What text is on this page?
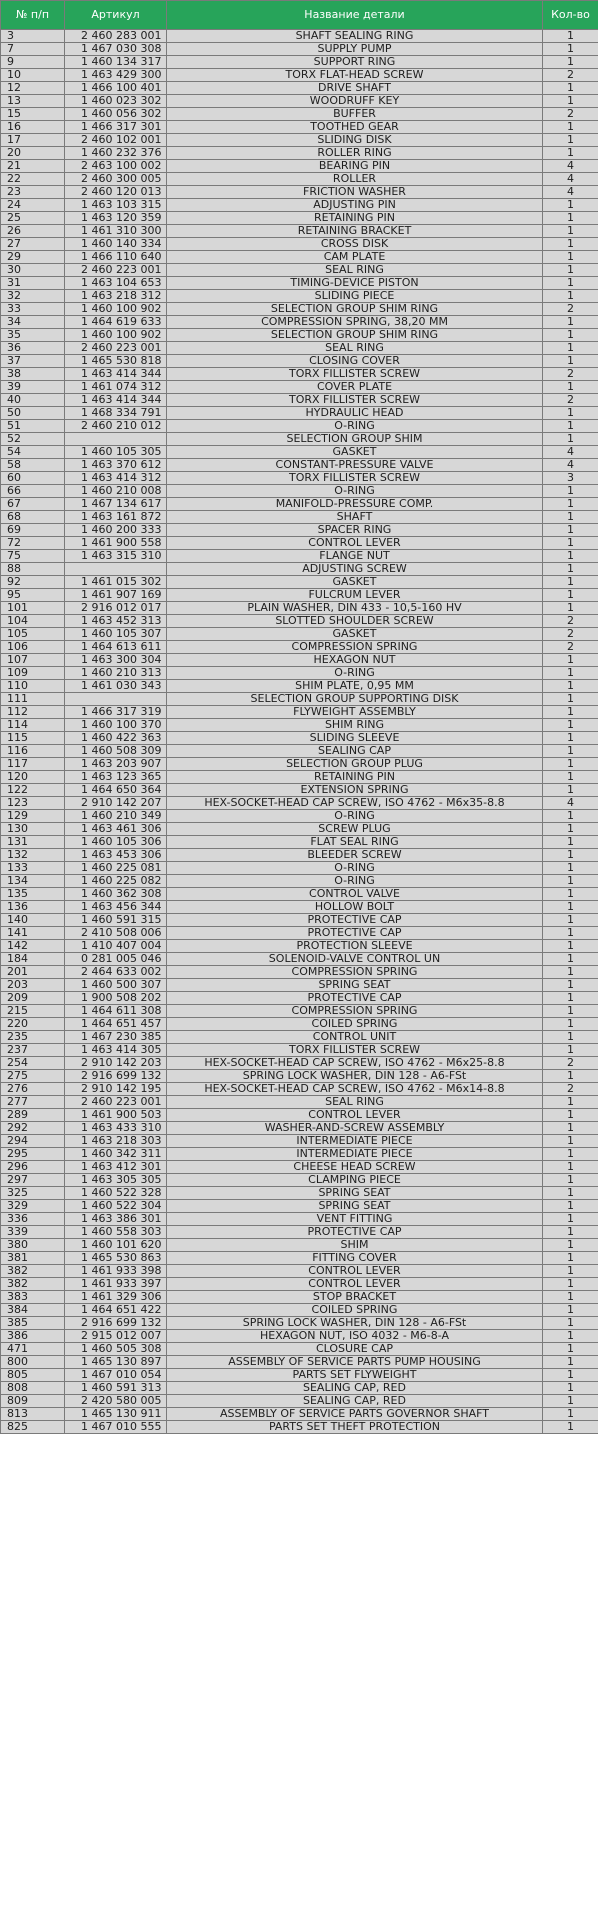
№ п/п	Артикул	Название детали	Кол-во
3	2 460 283 001	SHAFT SEALING RING	1
7	1 467 030 308	SUPPLY PUMP	1
9	1 460 134 317	SUPPORT RING	1
10	1 463 429 300	TORX FLAT-HEAD SCREW	2
12	1 466 100 401	DRIVE SHAFT	1
13	1 460 023 302	WOODRUFF KEY	1
15	1 460 056 302	BUFFER	2
16	1 466 317 301	TOOTHED GEAR	1
17	2 460 102 001	SLIDING DISK	1
20	1 460 232 376	ROLLER RING	1
21	2 463 100 002	BEARING PIN	4
22	2 460 300 005	ROLLER	4
23	2 460 120 013	FRICTION WASHER	4
24	1 463 103 315	ADJUSTING PIN	1
25	1 463 120 359	RETAINING PIN	1
26	1 461 310 300	RETAINING BRACKET	1
27	1 460 140 334	CROSS DISK	1
29	1 466 110 640	CAM PLATE	1
30	2 460 223 001	SEAL RING	1
31	1 463 104 653	TIMING-DEVICE PISTON	1
32	1 463 218 312	SLIDING PIECE	1
33	1 460 100 902	SELECTION GROUP SHIM RING	2
34	1 464 619 633	COMPRESSION SPRING, 38,20 MM	1
35	1 460 100 902	SELECTION GROUP SHIM RING	1
36	2 460 223 001	SEAL RING	1
37	1 465 530 818	CLOSING COVER	1
38	1 463 414 344	TORX FILLISTER SCREW	2
39	1 461 074 312	COVER PLATE	1
40	1 463 414 344	TORX FILLISTER SCREW	2
50	1 468 334 791	HYDRAULIC HEAD	1
51	2 460 210 012	O-RING	1
52		SELECTION GROUP SHIM	1
54	1 460 105 305	GASKET	4
58	1 463 370 612	CONSTANT-PRESSURE VALVE	4
60	1 463 414 312	TORX FILLISTER SCREW	3
66	1 460 210 008	O-RING	1
67	1 467 134 617	MANIFOLD-PRESSURE COMP.	1
68	1 463 161 872	SHAFT	1
69	1 460 200 333	SPACER RING	1
72	1 461 900 558	CONTROL LEVER	1
75	1 463 315 310	FLANGE NUT	1
88		ADJUSTING SCREW	1
92	1 461 015 302	GASKET	1
95	1 461 907 169	FULCRUM LEVER	1
101	2 916 012 017	PLAIN WASHER, DIN 433 - 10,5-160 HV	1
104	1 463 452 313	SLOTTED SHOULDER SCREW	2
105	1 460 105 307	GASKET	2
106	1 464 613 611	COMPRESSION SPRING	2
107	1 463 300 304	HEXAGON NUT	1
109	1 460 210 313	O-RING	1
110	1 461 030 343	SHIM PLATE, 0,95 MM	1
111		SELECTION GROUP SUPPORTING DISK	1
112	1 466 317 319	FLYWEIGHT ASSEMBLY	1
114	1 460 100 370	SHIM RING	1
115	1 460 422 363	SLIDING SLEEVE	1
116	1 460 508 309	SEALING CAP	1
117	1 463 203 907	SELECTION GROUP PLUG	1
120	1 463 123 365	RETAINING PIN	1
122	1 464 650 364	EXTENSION SPRING	1
123	2 910 142 207	HEX-SOCKET-HEAD CAP SCREW, ISO 4762 - M6x35-8.8	4
129	1 460 210 349	O-RING	1
130	1 463 461 306	SCREW PLUG	1
131	1 460 105 306	FLAT SEAL RING	1
132	1 463 453 306	BLEEDER SCREW	1
133	1 460 225 081	O-RING	1
134	1 460 225 082	O-RING	1
135	1 460 362 308	CONTROL VALVE	1
136	1 463 456 344	HOLLOW BOLT	1
140	1 460 591 315	PROTECTIVE CAP	1
141	2 410 508 006	PROTECTIVE CAP	1
142	1 410 407 004	PROTECTION SLEEVE	1
184	0 281 005 046	SOLENOID-VALVE CONTROL UN	1
201	2 464 633 002	COMPRESSION SPRING	1
203	1 460 500 307	SPRING SEAT	1
209	1 900 508 202	PROTECTIVE CAP	1
215	1 464 611 308	COMPRESSION SPRING	1
220	1 464 651 457	COILED SPRING	1
235	1 467 230 385	CONTROL UNIT	1
237	1 463 414 305	TORX FILLISTER SCREW	1
254	2 910 142 203	HEX-SOCKET-HEAD CAP SCREW, ISO 4762 - M6x25-8.8	2
275	2 916 699 132	SPRING LOCK WASHER, DIN 128 - A6-FSt	1
276	2 910 142 195	HEX-SOCKET-HEAD CAP SCREW, ISO 4762 - M6x14-8.8	2
277	2 460 223 001	SEAL RING	1
289	1 461 900 503	CONTROL LEVER	1
292	1 463 433 310	WASHER-AND-SCREW ASSEMBLY	1
294	1 463 218 303	INTERMEDIATE PIECE	1
295	1 460 342 311	INTERMEDIATE PIECE	1
296	1 463 412 301	CHEESE HEAD SCREW	1
297	1 463 305 305	CLAMPING PIECE	1
325	1 460 522 328	SPRING SEAT	1
329	1 460 522 304	SPRING SEAT	1
336	1 463 386 301	VENT FITTING	1
339	1 460 558 303	PROTECTIVE CAP	1
380	1 460 101 620	SHIM	1
381	1 465 530 863	FITTING COVER	1
382	1 461 933 398	CONTROL LEVER	1
382	1 461 933 397	CONTROL LEVER	1
383	1 461 329 306	STOP BRACKET	1
384	1 464 651 422	COILED SPRING	1
385	2 916 699 132	SPRING LOCK WASHER, DIN 128 - A6-FSt	1
386	2 915 012 007	HEXAGON NUT, ISO 4032 - M6-8-A	1
471	1 460 505 308	CLOSURE CAP	1
800	1 465 130 897	ASSEMBLY OF SERVICE PARTS PUMP HOUSING	1
805	1 467 010 054	PARTS SET FLYWEIGHT	1
808	1 460 591 313	SEALING CAP, RED	1
809	2 420 580 005	SEALING CAP, RED	1
813	1 465 130 911	ASSEMBLY OF SERVICE PARTS GOVERNOR SHAFT	1
825	1 467 010 555	PARTS SET THEFT PROTECTION	1
